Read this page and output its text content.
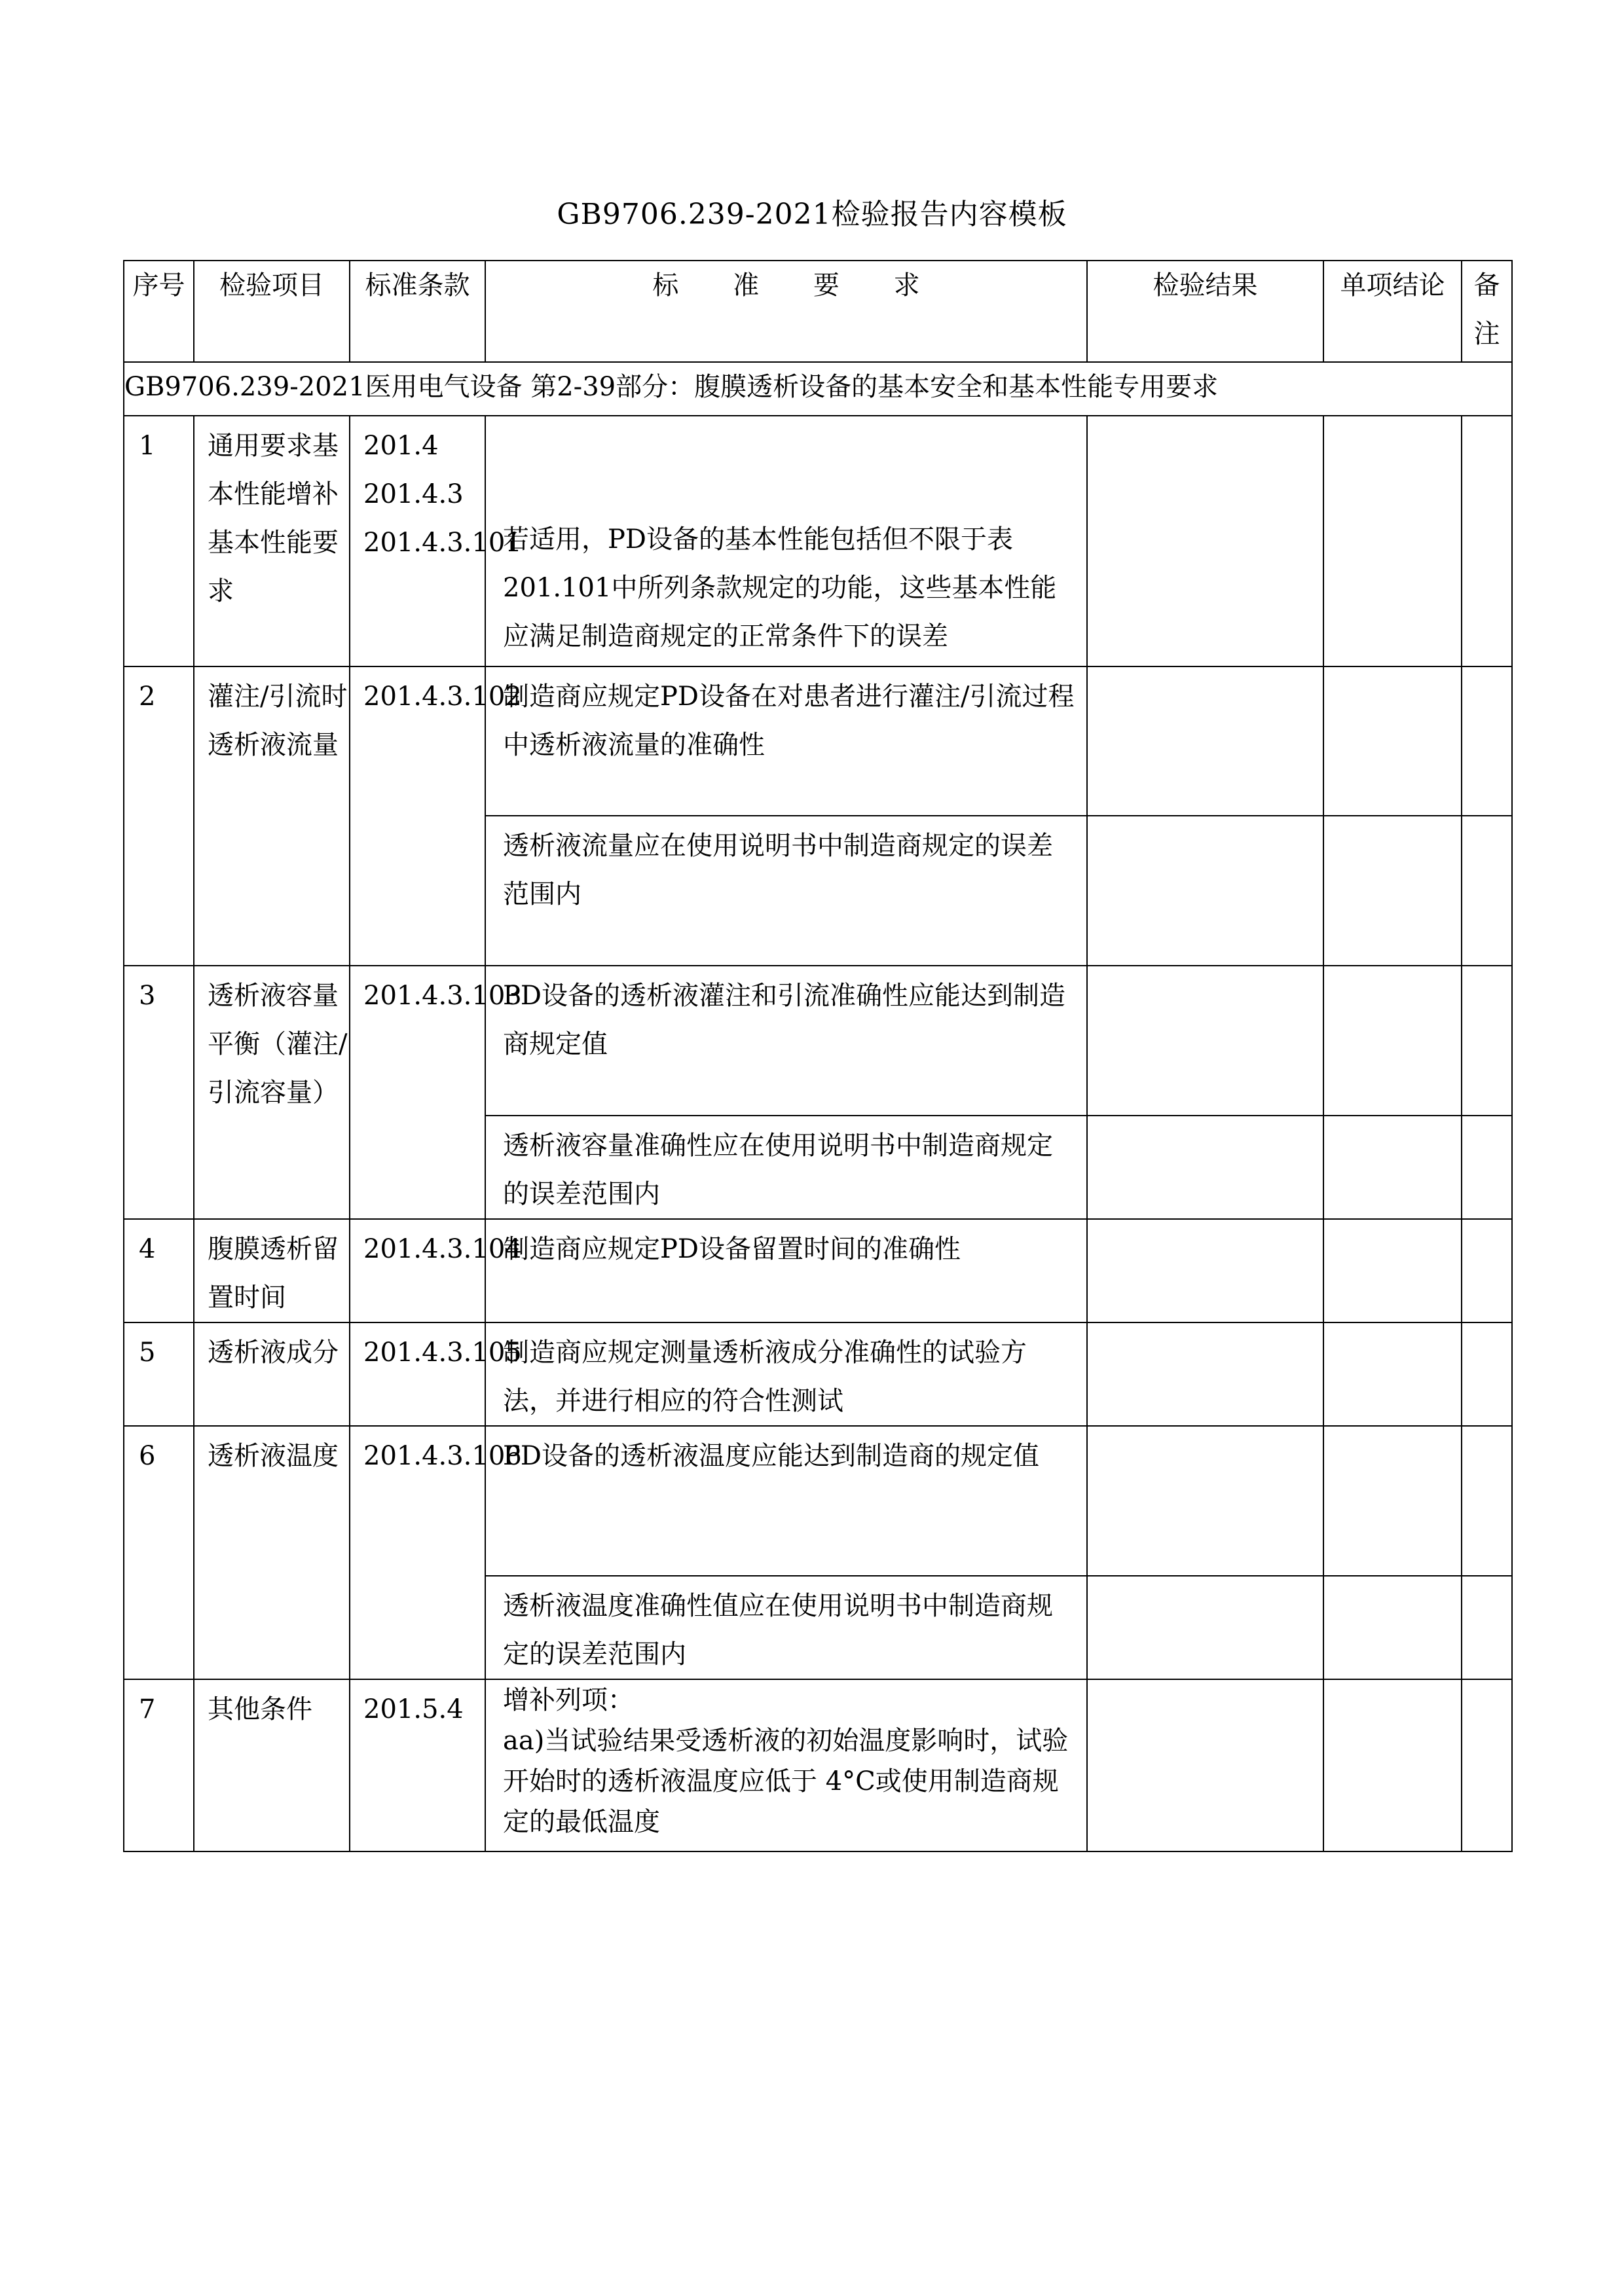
GB9706.239-2021检验报告内容模板
序号	检验项目	标准条款	标 准 要 求	检验结果	单项结论	备注
GB9706.239-2021医用电气设备 第2-39部分：腹膜透析设备的基本安全和基本性能专用要求						
1	通用要求基本性能增补基本性能要求	201.4 201.4.3 201.4.3.101	若适用，PD设备的基本性能包括但不限于表201.101中所列条款规定的功能，这些基本性能应满足制造商规定的正常条件下的误差			

2	灌注/引流时透析液流量	201.4.3.102	制造商应规定PD设备在对患者进行灌注/引流过程中透析液流量的准确性			
			透析液流量应在使用说明书中制造商规定的误差范围内			
3	透析液容量平衡（灌注/引流容量）	201.4.3.103	PD设备的透析液灌注和引流准确性应能达到制造商规定值			
			透析液容量准确性应在使用说明书中制造商规定的误差范围内			
4	腹膜透析留置时间	201.4.3.104	制造商应规定PD设备留置时间的准确性			
5	透析液成分	201.4.3.105	制造商应规定测量透析液成分准确性的试验方法，并进行相应的符合性测试			
6	透析液温度	201.4.3.106	PD设备的透析液温度应能达到制造商的规定值			
			透析液温度准确性值应在使用说明书中制造商规定的误差范围内			
7	其他条件	201.5.4	增补列项：
aa)当试验结果受透析液的初始温度影响时，试验开始时的透析液温度应低于 4°C或使用制造商规定的最低温度			
